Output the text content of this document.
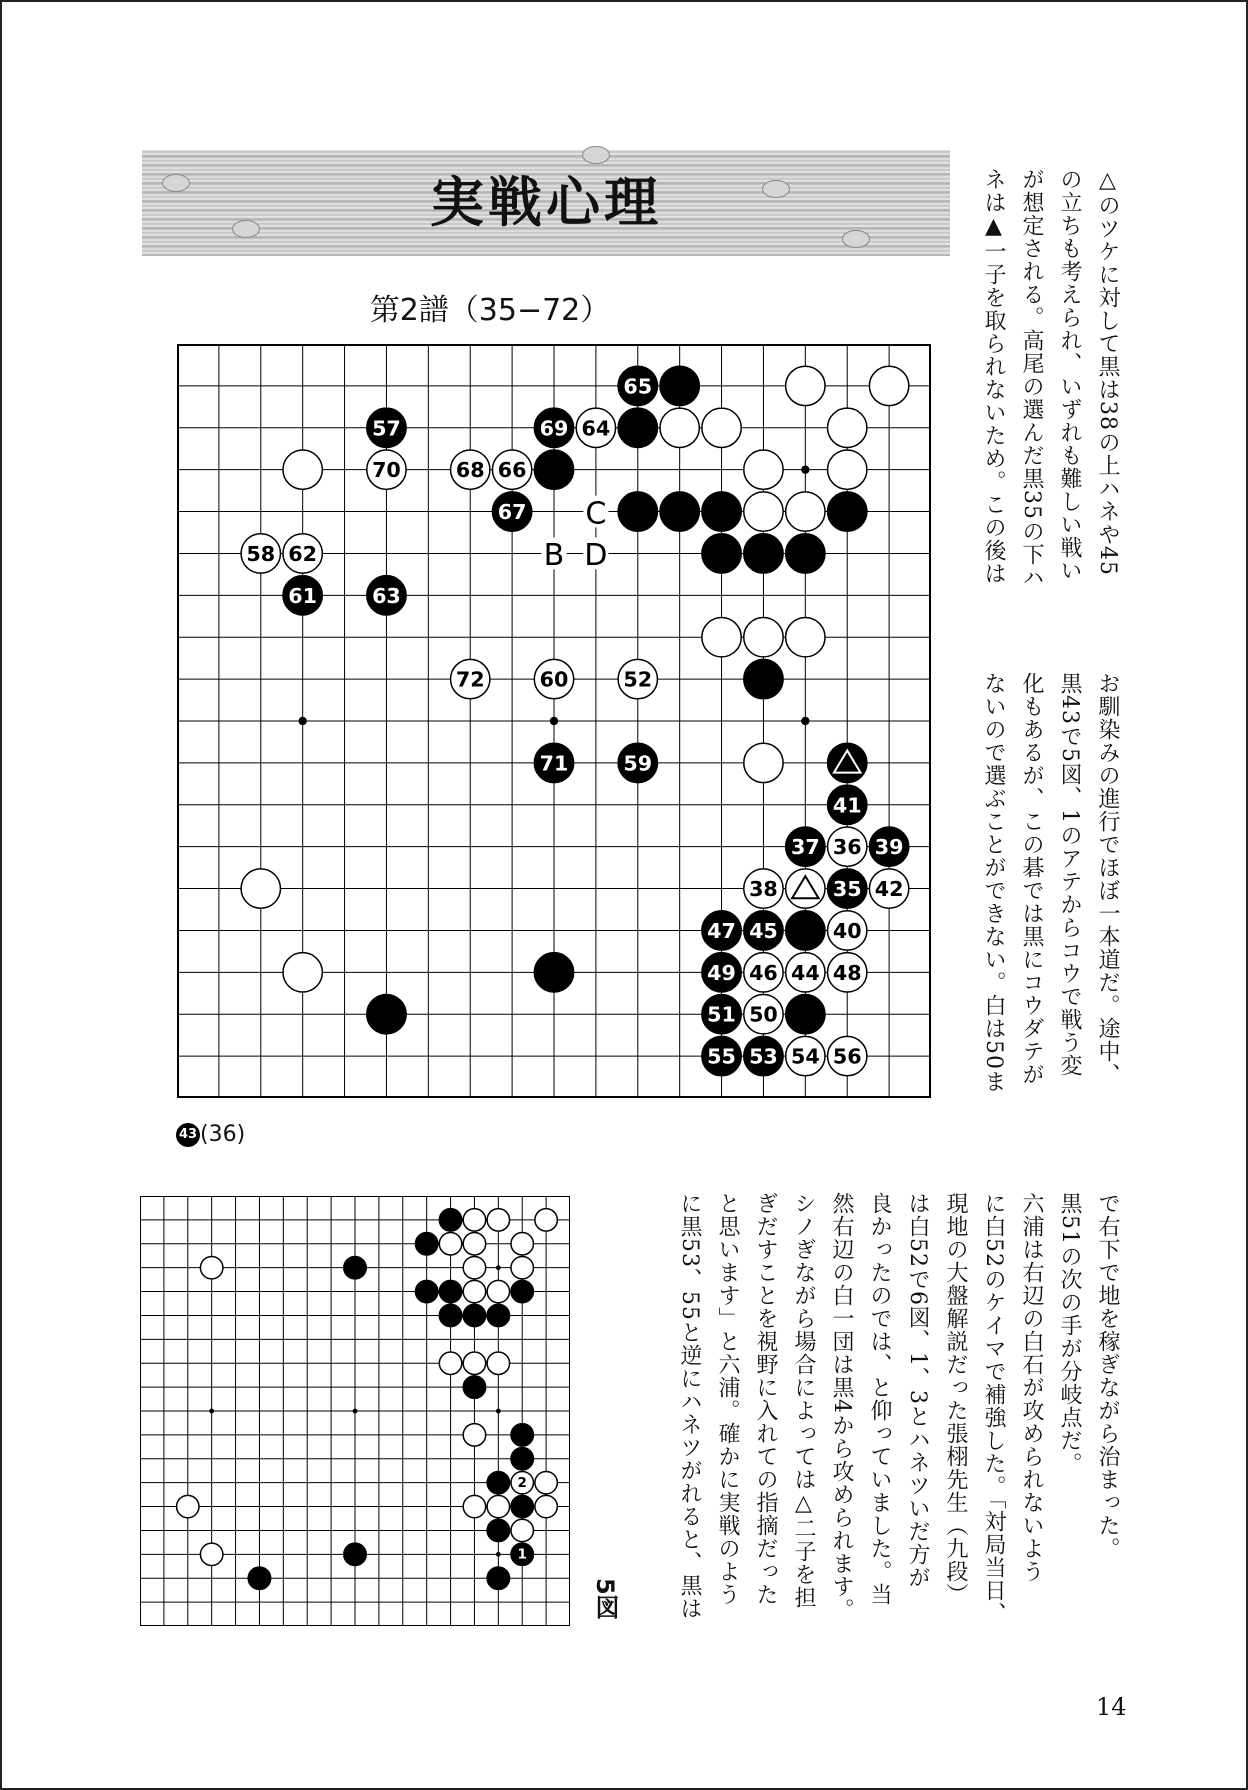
実戦心理
第2譜（35−72）
65
57	69 64
70	68 66
67
58 62
61	63
72	60	52
71	59
41
37 36 39
38	35 42
47 45	40
49 46 44 48
51 50
55 53 54 56
C
B D
43 (36)
2
1
5図
△のツケに対して黒は38の上ハネや45
の立ちも考えられ、いずれも難しい戦い
が想定される。高尾の選んだ黒35の下ハ
ネは▲一子を取られないため。この後は
お馴染みの進行でほぼ一本道だ。途中、
黒43で5図、1のアテからコウで戦う変
化もあるが、この碁では黒にコウダテが
ないので選ぶことができない。白は50ま
で右下で地を稼ぎながら治まった。
黒51の次の手が分岐点だ。
六浦は右辺の白石が攻められないよう
に白52のケイマで補強した。「対局当日、
現地の大盤解説だった張栩先生（九段）
は白52で6図、1、3とハネツいだ方が
良かったのでは、と仰っていました。当
然右辺の白一団は黒4から攻められます。
シノぎながら場合によっては△二子を担
ぎだすことを視野に入れての指摘だった
と思います」と六浦。確かに実戦のよう
に黒53、55と逆にハネツがれると、黒は
14
